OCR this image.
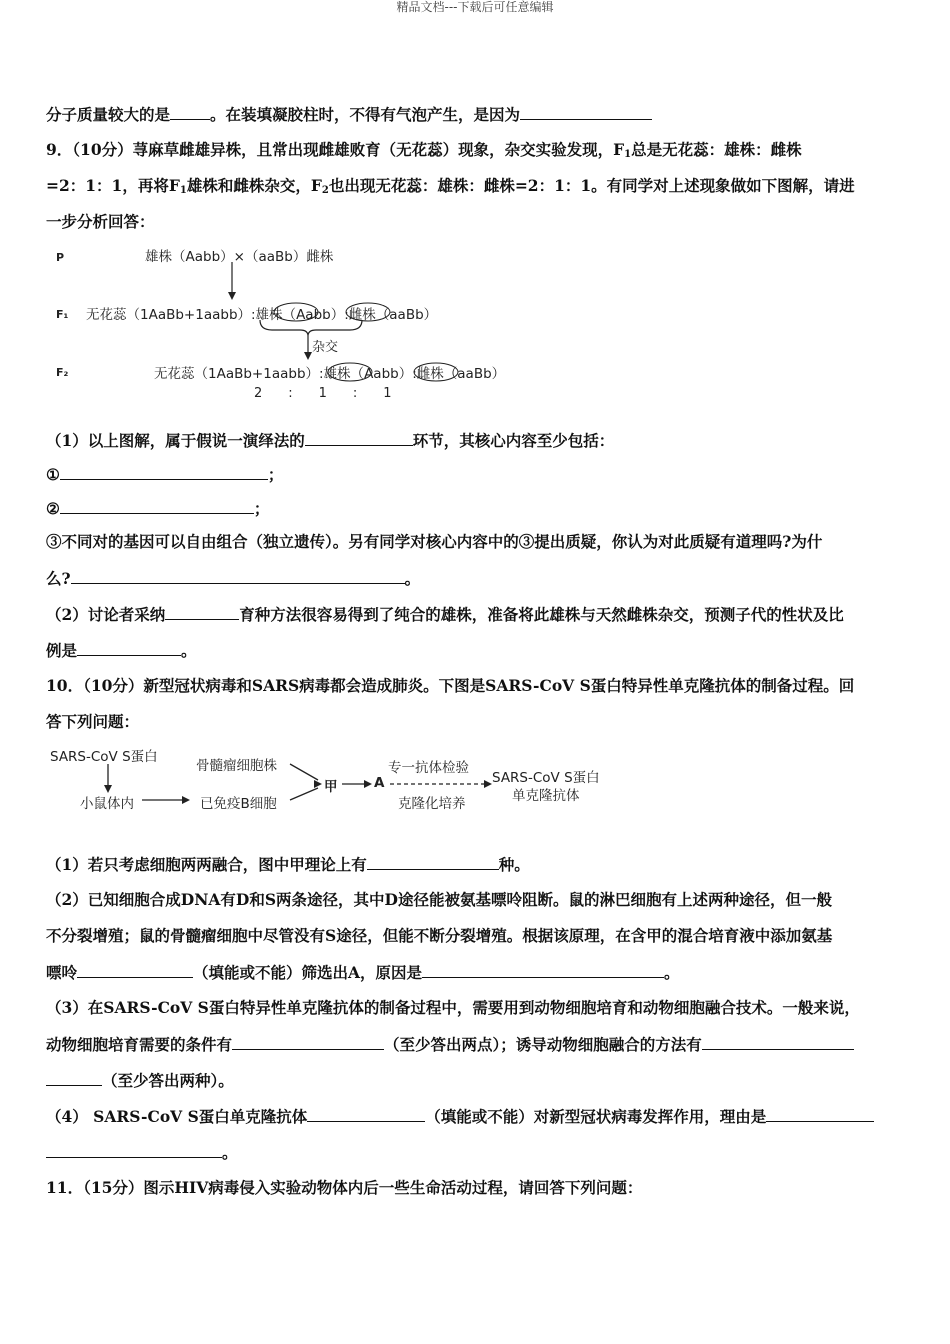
精品文档---下载后可任意编辑
分子质量较大的是	。在装填凝胶柱时，不得有气泡产生，是因为
9．（10分）荨麻草雌雄异株，且常出现雌雄败育（无花蕊）现象，杂交实验发现，$F_1$总是无花蕊：雄株：雌株
=2：1：1，再将$F_1$雄株和雌株杂交，$F_2$也出现无花蕊：雄株：雌株=2：1：1。有同学对上述现象做如下图解，请进
一步分析回答：
P
F₁
F₂
雄株（Aabb）×（aaBb）雌株
无花蕊（1AaBb+1aabb）:雄株（Aabb）:雌株（aaBb）
杂交
无花蕊（1AaBb+1aabb）:雄株（Aabb）:雌株（aaBb）
2　　:　　1　　:　　1
（1）以上图解，属于假说一演绎法的	环节，其核心内容至少包括：
①	；
②	；
③不同对的基因可以自由组合（独立遗传）。另有同学对核心内容中的③提出质疑，你认为对此质疑有道理吗?为什
么?	。
（2）讨论者采纳	育种方法很容易得到了纯合的雄株，准备将此雄株与天然雌株杂交，预测子代的性状及比
例是	。
10．（10分）新型冠状病毒和SARS病毒都会造成肺炎。下图是SARS-CoV S蛋白特异性单克隆抗体的制备过程。回
答下列问题：
SARS-CoV S蛋白
小鼠体内
骨髓瘤细胞株
已免疫B细胞
甲	A
专一抗体检验
克隆化培养
SARS-CoV S蛋白
单克隆抗体
（1）若只考虑细胞两两融合，图中甲理论上有	种。
（2）已知细胞合成DNA有D和S两条途径，其中D途径能被氨基嘌呤阻断。鼠的淋巴细胞有上述两种途径，但一般
不分裂增殖；鼠的骨髓瘤细胞中尽管没有S途径，但能不断分裂增殖。根据该原理，在含甲的混合培育液中添加氨基
嘌呤	（填能或不能）筛选出A，原因是	。
（3）在SARS-CoV S蛋白特异性单克隆抗体的制备过程中，需要用到动物细胞培育和动物细胞融合技术。一般来说，
动物细胞培育需要的条件有	（至少答出两点）；诱导动物细胞融合的方法有
（至少答出两种）。
（4） SARS-CoV S蛋白单克隆抗体	（填能或不能）对新型冠状病毒发挥作用，理由是
。
11．（15分）图示HIV病毒侵入实验动物体内后一些生命活动过程，请回答下列问题：
